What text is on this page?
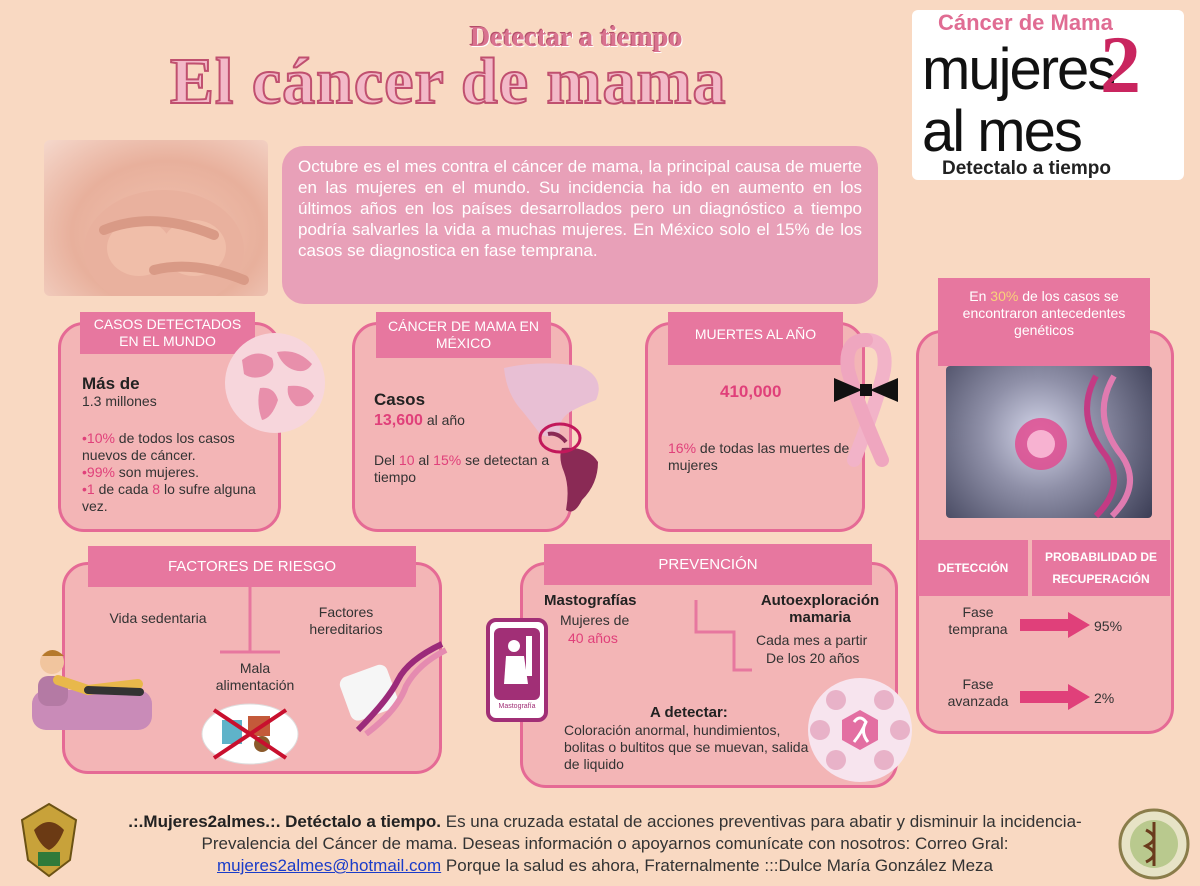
Detectar a tiempo
El cáncer de mama
Cáncer de Mama
mujeres
2
al mes
Detectalo a tiempo
Octubre es el mes contra el cáncer de mama, la principal causa de muerte en las mujeres en el mundo. Su incidencia ha ido en aumento en los últimos años en los países desarrollados pero un diagnóstico a tiempo podría salvarles la vida a muchas mujeres. En México solo el 15% de los casos se diagnostica en fase temprana.
CASOS DETECTADOS EN EL MUNDO
Más de
1.3 millones
•10% de todos los casos nuevos de cáncer.
•99% son mujeres.
•1 de cada 8 lo sufre alguna vez.
CÁNCER DE MAMA EN MÉXICO
Casos
13,600 al año
Del 10 al 15% se detectan a tiempo
MUERTES AL AÑO
410,000
16% de todas las muertes de mujeres
En 30% de los casos se encontraron antecedentes genéticos
DETECCIÓN
PROBABILIDAD DE RECUPERACIÓN
Fase temprana	95%
Fase avanzada	2%
FACTORES DE RIESGO
Vida sedentaria	Factores hereditarios
Mala alimentación
PREVENCIÓN
Mastografías
Mujeres de
40 años
Autoexploración mamaria
Cada mes a partir
De los 20 años
Mastografía	A detectar:
Coloración anormal, hundimientos, bolitas o bultitos que se muevan, salida de liquido
.:.Mujeres2almes.:. Detéctalo a tiempo. Es una cruzada estatal de acciones preventivas para abatir y disminuir la incidencia- Prevalencia del Cáncer de mama. Deseas información o apoyarnos comunícate con nosotros: Correo Gral: mujeres2almes@hotmail.com Porque la salud es ahora, Fraternalmente :::Dulce María González Meza
